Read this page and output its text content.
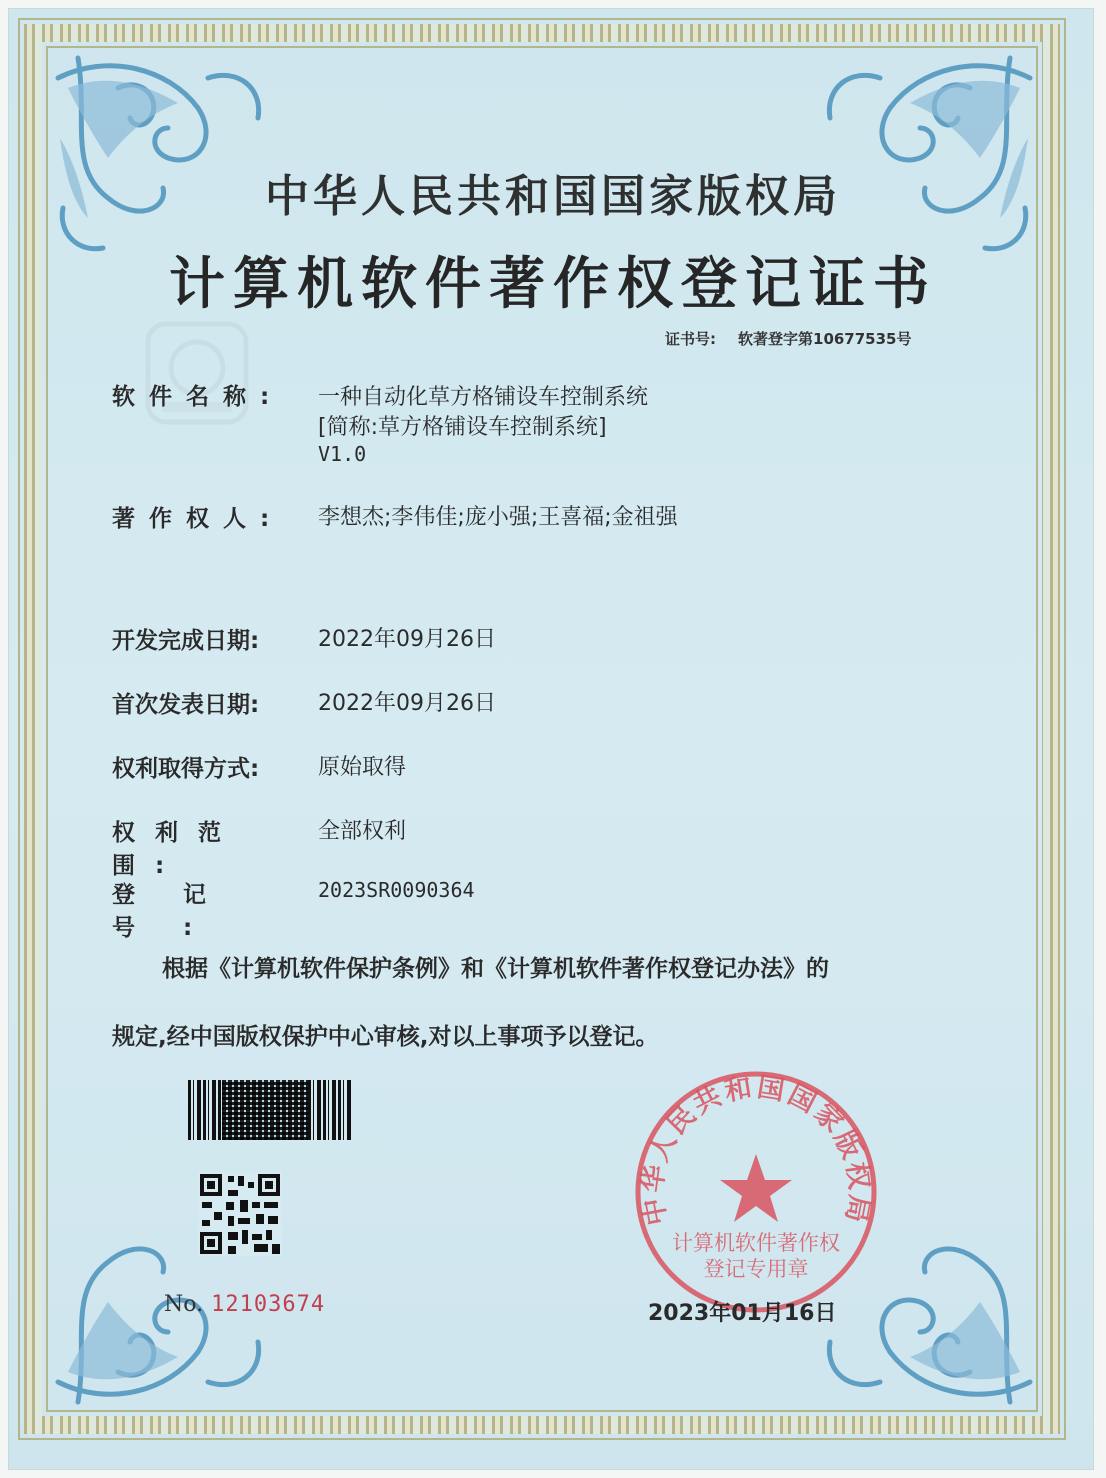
中华人民共和国国家版权局
计算机软件著作权登记证书
证书号: 软著登字第10677535号
软件名称: 一种自动化草方格铺设车控制系统
[简称:草方格铺设车控制系统]
V1.0
著作权人: 李想杰;李伟佳;庞小强;王喜福;金祖强
开发完成日期:	2022年09月26日
首次发表日期:	2022年09月26日
权利取得方式:	原始取得
权利范围:
全部权利
登记号:
2023SR0090364
根据《计算机软件保护条例》和《计算机软件著作权登记办法》的
规定,经中国版权保护中心审核,对以上事项予以登记。
No. 12103674
中华人民共和国国家版权局
计算机软件著作权
登记专用章
2023年01月16日
